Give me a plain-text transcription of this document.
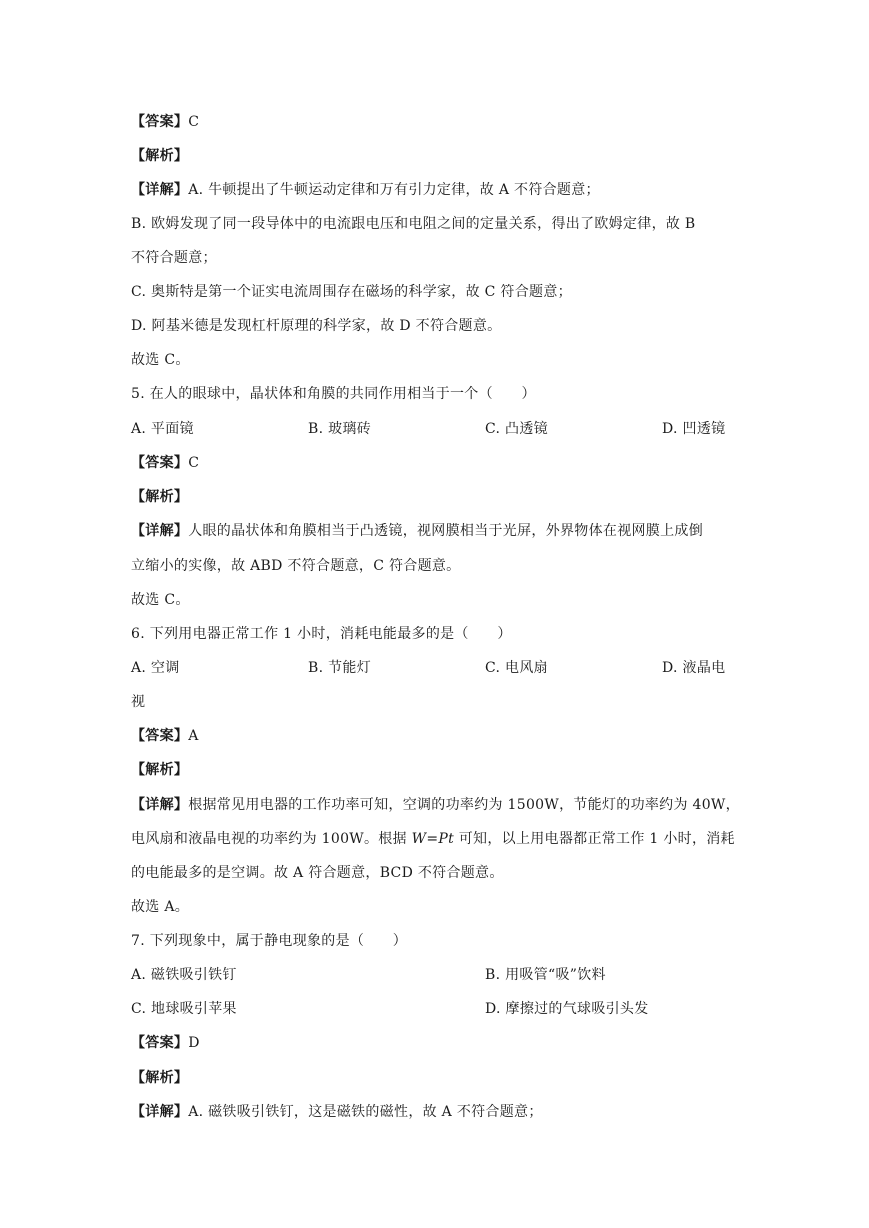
【答案】C
【解析】
【详解】A. 牛顿提出了牛顿运动定律和万有引力定律，故 A 不符合题意；
B. 欧姆发现了同一段导体中的电流跟电压和电阻之间的定量关系，得出了欧姆定律，故 B
不符合题意；
C. 奥斯特是第一个证实电流周围存在磁场的科学家，故 C 符合题意；
D. 阿基米德是发现杠杆原理的科学家，故 D 不符合题意。
故选 C。
5. 在人的眼球中，晶状体和角膜的共同作用相当于一个（　　）
A. 平面镜	B. 玻璃砖	C. 凸透镜	D. 凹透镜
【答案】C
【解析】
【详解】人眼的晶状体和角膜相当于凸透镜，视网膜相当于光屏，外界物体在视网膜上成倒
立缩小的实像，故 ABD 不符合题意，C 符合题意。
故选 C。
6. 下列用电器正常工作 1 小时，消耗电能最多的是（　　）
A. 空调	B. 节能灯	C. 电风扇	D. 液晶电
视
【答案】A
【解析】
【详解】根据常见用电器的工作功率可知，空调的功率约为 1500W，节能灯的功率约为 40W，
电风扇和液晶电视的功率约为 100W。根据 W=Pt 可知，以上用电器都正常工作 1 小时，消耗
的电能最多的是空调。故 A 符合题意，BCD 不符合题意。
故选 A。
7. 下列现象中，属于静电现象的是（　　）
A. 磁铁吸引铁钉	B. 用吸管“吸”饮料
C. 地球吸引苹果	D. 摩擦过的气球吸引头发
【答案】D
【解析】
【详解】A. 磁铁吸引铁钉，这是磁铁的磁性，故 A 不符合题意；
